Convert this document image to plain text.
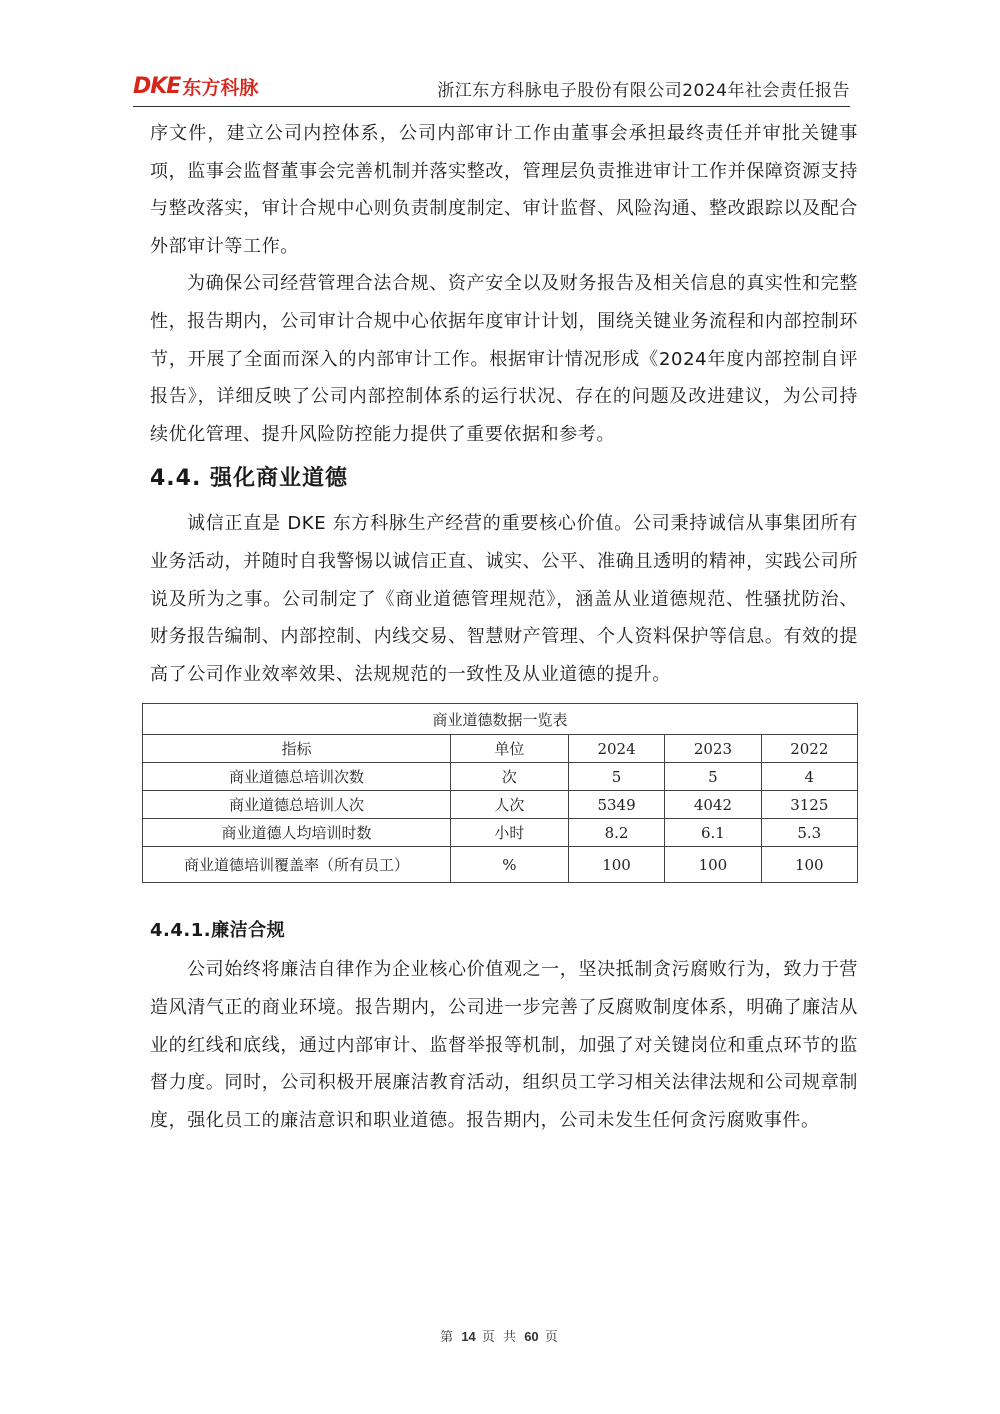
DKE 东方科脉	浙江东方科脉电子股份有限公司2024年社会责任报告

序文件，建立公司内控体系，公司内部审计工作由董事会承担最终责任并审批关键事项，监事会监督董事会完善机制并落实整改，管理层负责推进审计工作并保障资源支持与整改落实，审计合规中心则负责制度制定、审计监督、风险沟通、整改跟踪以及配合外部审计等工作。

为确保公司经营管理合法合规、资产安全以及财务报告及相关信息的真实性和完整性，报告期内，公司审计合规中心依据年度审计计划，围绕关键业务流程和内部控制环节，开展了全面而深入的内部审计工作。根据审计情况形成《2024年度内部控制自评报告》，详细反映了公司内部控制体系的运行状况、存在的问题及改进建议，为公司持续优化管理、提升风险防控能力提供了重要依据和参考。

4.4. 强化商业道德

诚信正直是 DKE 东方科脉生产经营的重要核心价值。公司秉持诚信从事集团所有业务活动，并随时自我警惕以诚信正直、诚实、公平、准确且透明的精神，实践公司所说及所为之事。公司制定了《商业道德管理规范》，涵盖从业道德规范、性骚扰防治、财务报告编制、内部控制、内线交易、智慧财产管理、个人资料保护等信息。有效的提高了公司作业效率效果、法规规范的一致性及从业道德的提升。

商业道德数据一览表				
指标	单位	2024	2023	2022
商业道德总培训次数	次	5	5	4
商业道德总培训人次	人次	5349	4042	3125
商业道德人均培训时数	小时	8.2	6.1	5.3
商业道德培训覆盖率（所有员工）	%	100	100	100
4.4.1.廉洁合规

公司始终将廉洁自律作为企业核心价值观之一，坚决抵制贪污腐败行为，致力于营造风清气正的商业环境。报告期内，公司进一步完善了反腐败制度体系，明确了廉洁从业的红线和底线，通过内部审计、监督举报等机制，加强了对关键岗位和重点环节的监督力度。同时，公司积极开展廉洁教育活动，组织员工学习相关法律法规和公司规章制度，强化员工的廉洁意识和职业道德。报告期内，公司未发生任何贪污腐败事件。

第 14 页 共 60 页
